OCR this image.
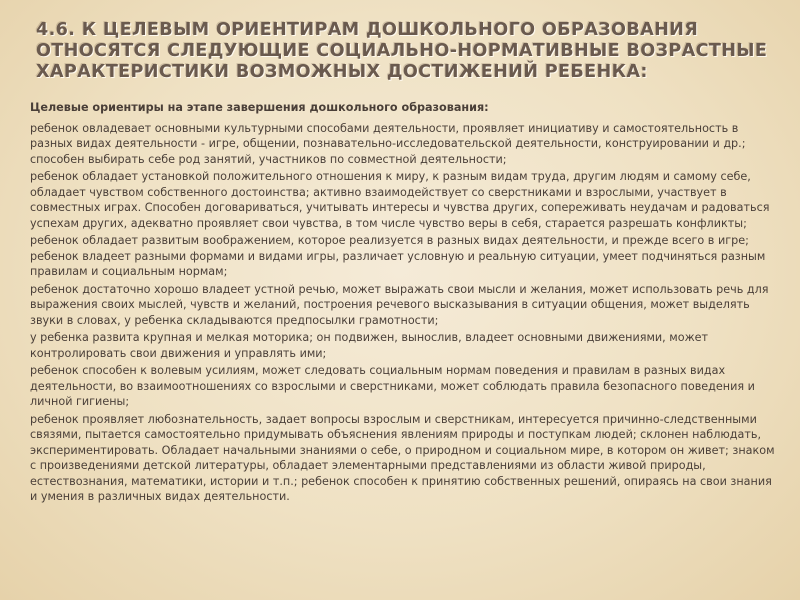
4.6. К ЦЕЛЕВЫМ ОРИЕНТИРАМ ДОШКОЛЬНОГО ОБРАЗОВАНИЯ ОТНОСЯТСЯ СЛЕДУЮЩИЕ СОЦИАЛЬНО-НОРМАТИВНЫЕ ВОЗРАСТНЫЕ ХАРАКТЕРИСТИКИ ВОЗМОЖНЫХ ДОСТИЖЕНИЙ РЕБЕНКА:

Целевые ориентиры на этапе завершения дошкольного образования:

ребенок овладевает основными культурными способами деятельности, проявляет инициативу и самостоятельность в разных видах деятельности - игре, общении, познавательно-исследовательской деятельности, конструировании и др.; способен выбирать себе род занятий, участников по совместной деятельности;

ребенок обладает установкой положительного отношения к миру, к разным видам труда, другим людям и самому себе, обладает чувством собственного достоинства; активно взаимодействует со сверстниками и взрослыми, участвует в совместных играх. Способен договариваться, учитывать интересы и чувства других, сопереживать неудачам и радоваться успехам других, адекватно проявляет свои чувства, в том числе чувство веры в себя, старается разрешать конфликты;

ребенок обладает развитым воображением, которое реализуется в разных видах деятельности, и прежде всего в игре; ребенок владеет разными формами и видами игры, различает условную и реальную ситуации, умеет подчиняться разным правилам и социальным нормам;

ребенок достаточно хорошо владеет устной речью, может выражать свои мысли и желания, может использовать речь для выражения своих мыслей, чувств и желаний, построения речевого высказывания в ситуации общения, может выделять звуки в словах, у ребенка складываются предпосылки грамотности;

у ребенка развита крупная и мелкая моторика; он подвижен, вынослив, владеет основными движениями, может контролировать свои движения и управлять ими;

ребенок способен к волевым усилиям, может следовать социальным нормам поведения и правилам в разных видах деятельности, во взаимоотношениях со взрослыми и сверстниками, может соблюдать правила безопасного поведения и личной гигиены;

ребенок проявляет любознательность, задает вопросы взрослым и сверстникам, интересуется причинно-следственными связями, пытается самостоятельно придумывать объяснения явлениям природы и поступкам людей; склонен наблюдать, экспериментировать. Обладает начальными знаниями о себе, о природном и социальном мире, в котором он живет; знаком с произведениями детской литературы, обладает элементарными представлениями из области живой природы, естествознания, математики, истории и т.п.; ребенок способен к принятию собственных решений, опираясь на свои знания и умения в различных видах деятельности.
